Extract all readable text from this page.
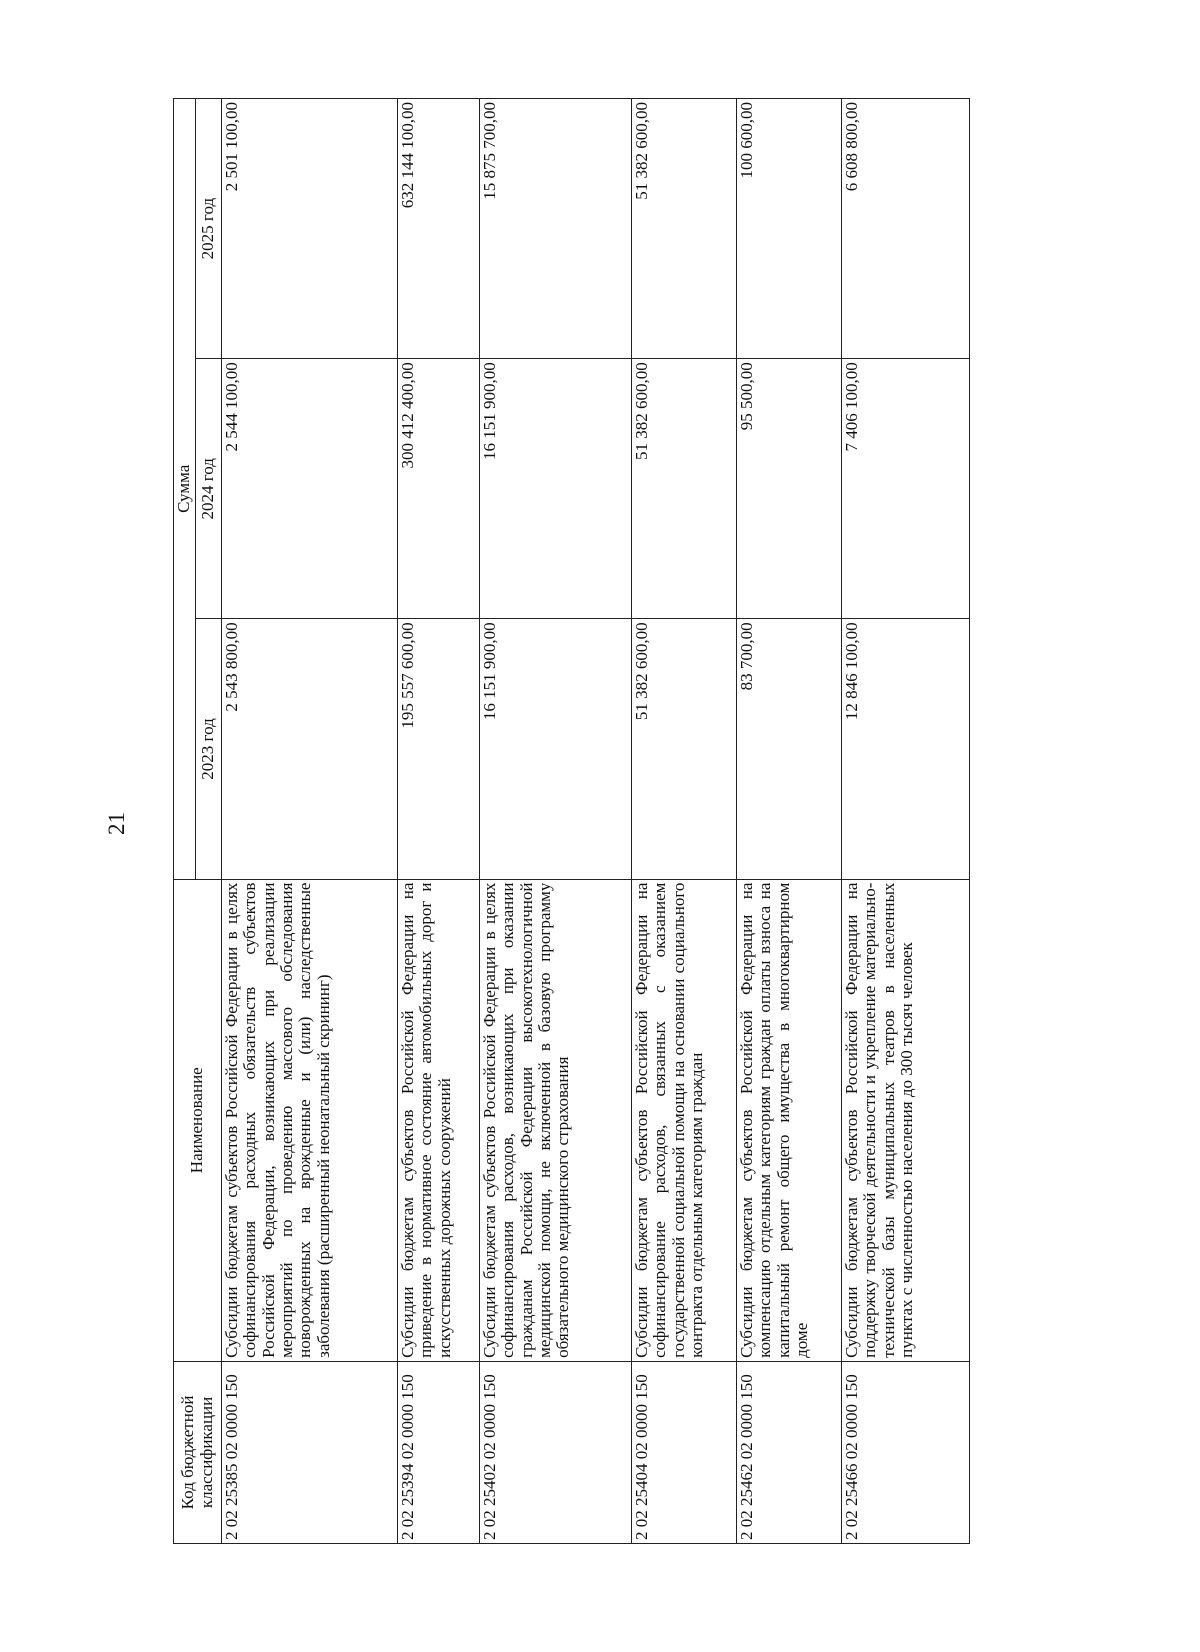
21
Код бюджетной классификации	Наименование	Сумма		
		2023 год	2024 год	2025 год
2 02 25385 02 0000 150	Субсидии бюджетам субъектов Российской Федерации в целях софинансирования расходных обязательств субъектов Российской Федерации, возникающих при реализации мероприятий по проведению массового обследования новорожденных на врожденные и (или) наследственные заболевания (расширенный неонатальный скрининг)	2 543 800,00	2 544 100,00	2 501 100,00
2 02 25394 02 0000 150	Субсидии бюджетам субъектов Российской Федерации на приведение в нормативное состояние автомобильных дорог и искусственных дорожных сооружений	195 557 600,00	300 412 400,00	632 144 100,00
2 02 25402 02 0000 150	Субсидии бюджетам субъектов Российской Федерации в целях софинансирования расходов, возникающих при оказании гражданам Российской Федерации высокотехнологичной медицинской помощи, не включенной в базовую программу обязательного медицинского страхования	16 151 900,00	16 151 900,00	15 875 700,00
2 02 25404 02 0000 150	Субсидии бюджетам субъектов Российской Федерации на софинансирование расходов, связанных с оказанием государственной социальной помощи на основании социального контракта отдельным категориям граждан	51 382 600,00	51 382 600,00	51 382 600,00
2 02 25462 02 0000 150	Субсидии бюджетам субъектов Российской Федерации на компенсацию отдельным категориям граждан оплаты взноса на капитальный ремонт общего имущества в многоквартирном доме	83 700,00	95 500,00	100 600,00
2 02 25466 02 0000 150	Субсидии бюджетам субъектов Российской Федерации на поддержку творческой деятельности и укрепление материально-технической базы муниципальных театров в населенных пунктах с численностью населения до 300 тысяч человек	12 846 100,00	7 406 100,00	6 608 800,00
